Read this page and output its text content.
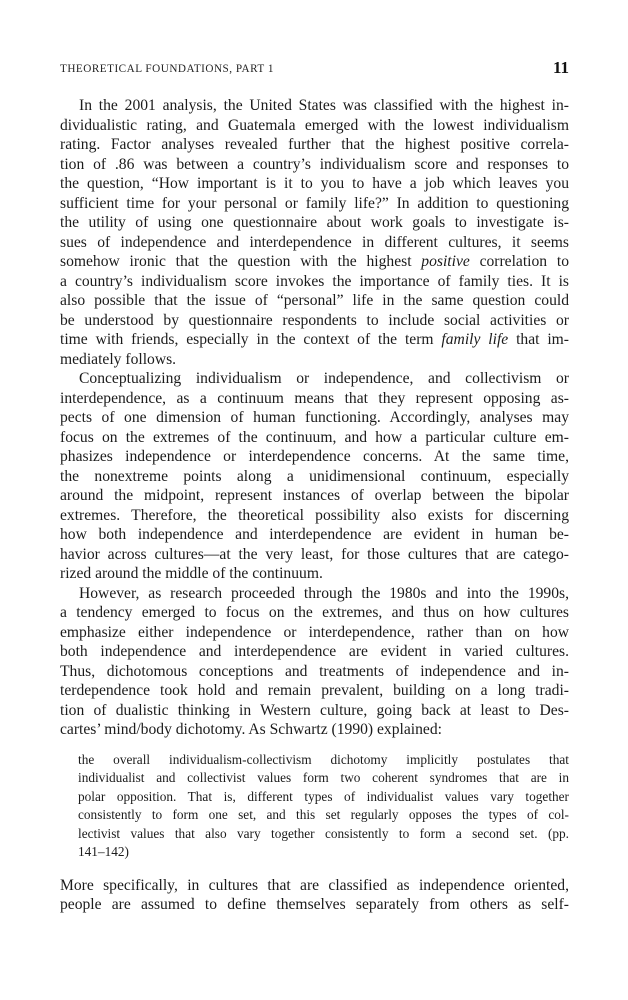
THEORETICAL FOUNDATIONS, PART 1	11
In the 2001 analysis, the United States was classified with the highest in-
dividualistic rating, and Guatemala emerged with the lowest individualism
rating. Factor analyses revealed further that the highest positive correla-
tion of .86 was between a country’s individualism score and responses to
the question, “How important is it to you to have a job which leaves you
sufficient time for your personal or family life?” In addition to questioning
the utility of using one questionnaire about work goals to investigate is-
sues of independence and interdependence in different cultures, it seems
somehow ironic that the question with the highest positive correlation to
a country’s individualism score invokes the importance of family ties. It is
also possible that the issue of “personal” life in the same question could
be understood by questionnaire respondents to include social activities or
time with friends, especially in the context of the term family life that im-
mediately follows.
Conceptualizing individualism or independence, and collectivism or
interdependence, as a continuum means that they represent opposing as-
pects of one dimension of human functioning. Accordingly, analyses may
focus on the extremes of the continuum, and how a particular culture em-
phasizes independence or interdependence concerns. At the same time,
the nonextreme points along a unidimensional continuum, especially
around the midpoint, represent instances of overlap between the bipolar
extremes. Therefore, the theoretical possibility also exists for discerning
how both independence and interdependence are evident in human be-
havior across cultures—at the very least, for those cultures that are catego-
rized around the middle of the continuum.
However, as research proceeded through the 1980s and into the 1990s,
a tendency emerged to focus on the extremes, and thus on how cultures
emphasize either independence or interdependence, rather than on how
both independence and interdependence are evident in varied cultures.
Thus, dichotomous conceptions and treatments of independence and in-
terdependence took hold and remain prevalent, building on a long tradi-
tion of dualistic thinking in Western culture, going back at least to Des-
cartes’ mind/body dichotomy. As Schwartz (1990) explained:
the overall individualism-collectivism dichotomy implicitly postulates that
individualist and collectivist values form two coherent syndromes that are in
polar opposition. That is, different types of individualist values vary together
consistently to form one set, and this set regularly opposes the types of col-
lectivist values that also vary together consistently to form a second set. (pp.
141–142)
More specifically, in cultures that are classified as independence oriented,
people are assumed to define themselves separately from others as self-
